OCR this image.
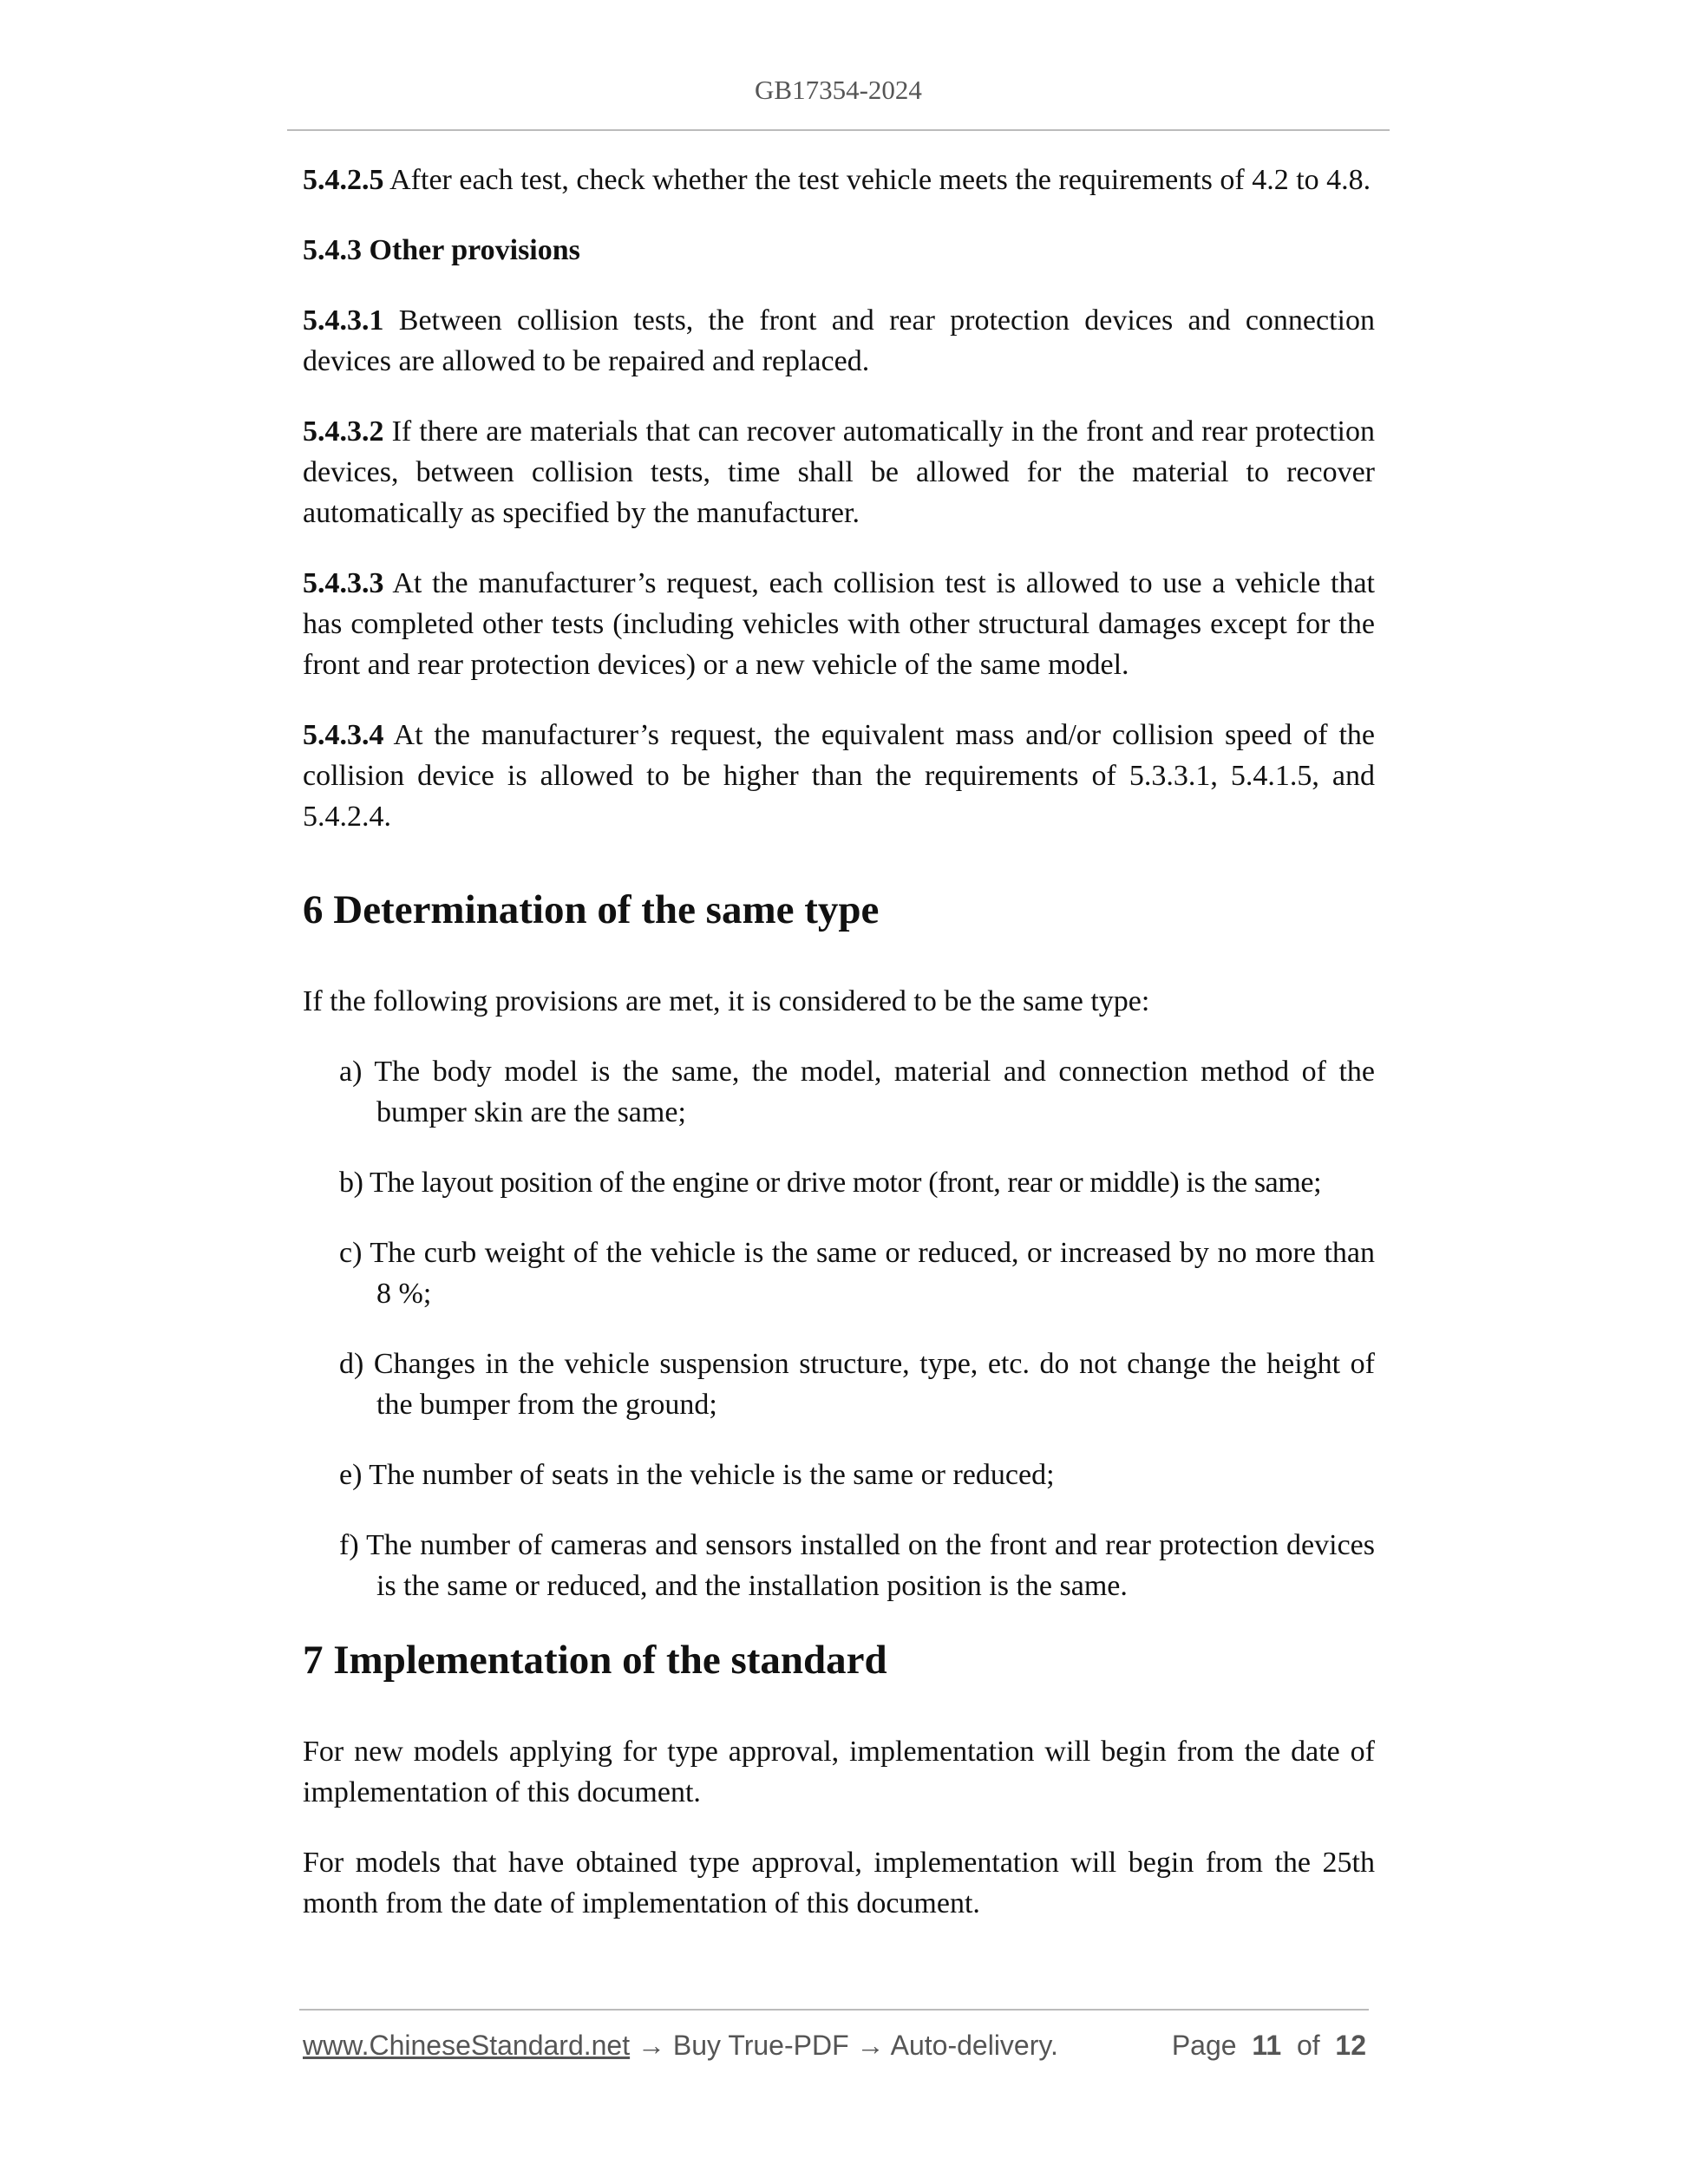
GB17354-2024

5.4.2.5 After each test, check whether the test vehicle meets the requirements of 4.2 to 4.8.

5.4.3 Other provisions

5.4.3.1 Between collision tests, the front and rear protection devices and connection devices are allowed to be repaired and replaced.

5.4.3.2 If there are materials that can recover automatically in the front and rear protection devices, between collision tests, time shall be allowed for the material to recover automatically as specified by the manufacturer.

5.4.3.3 At the manufacturer’s request, each collision test is allowed to use a vehicle that has completed other tests (including vehicles with other structural damages except for the front and rear protection devices) or a new vehicle of the same model.

5.4.3.4 At the manufacturer’s request, the equivalent mass and/or collision speed of the collision device is allowed to be higher than the requirements of 5.3.3.1, 5.4.1.5, and 5.4.2.4.

6 Determination of the same type

If the following provisions are met, it is considered to be the same type:

a) The body model is the same, the model, material and connection method of the bumper skin are the same;
b) The layout position of the engine or drive motor (front, rear or middle) is the same;
c) The curb weight of the vehicle is the same or reduced, or increased by no more than 8 %;
d) Changes in the vehicle suspension structure, type, etc. do not change the height of the bumper from the ground;
e) The number of seats in the vehicle is the same or reduced;
f) The number of cameras and sensors installed on the front and rear protection devices is the same or reduced, and the installation position is the same.
7 Implementation of the standard

For new models applying for type approval, implementation will begin from the date of implementation of this document.

For models that have obtained type approval, implementation will begin from the 25th month from the date of implementation of this document.

www.ChineseStandard.net → Buy True-PDF → Auto-delivery.	Page 11 of 12
